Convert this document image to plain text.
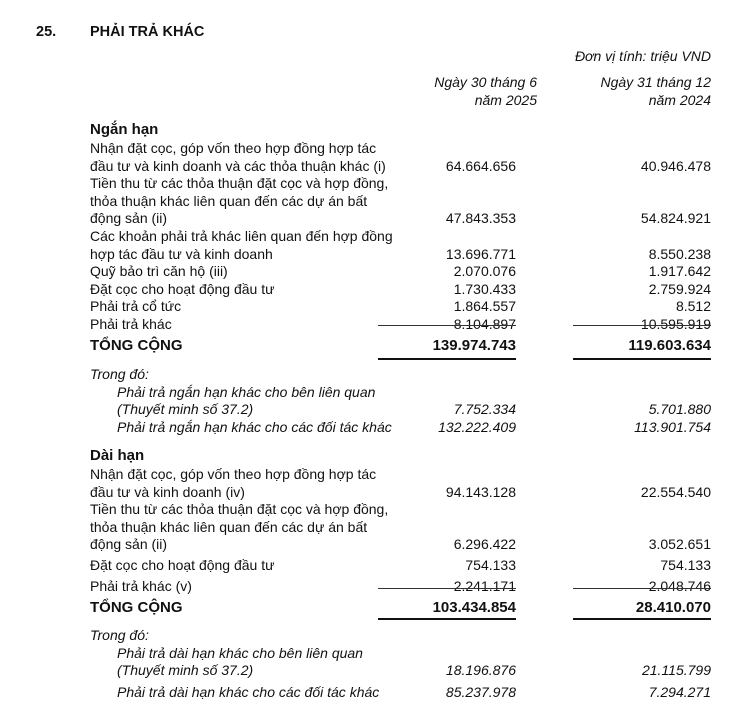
25. PHẢI TRẢ KHÁC
Đơn vị tính: triệu VND
Ngày 30 tháng 6
năm 2025
Ngày 31 tháng 12
năm 2024
Ngắn hạn
Nhận đặt cọc, góp vốn theo hợp đồng hợp tác
đầu tư và kinh doanh và các thỏa thuận khác (i)	64.664.656	40.946.478
Tiền thu từ các thỏa thuận đặt cọc và hợp đồng,
thỏa thuận khác liên quan đến các dự án bất
động sản (ii)	47.843.353	54.824.921
Các khoản phải trả khác liên quan đến hợp đồng
hợp tác đầu tư và kinh doanh	13.696.771	8.550.238
Quỹ bảo trì căn hộ (iii)	2.070.076	1.917.642
Đặt cọc cho hoạt động đầu tư	1.730.433	2.759.924
Phải trả cổ tức	1.864.557	8.512
Phải trả khác	8.104.897	10.595.919
TỔNG CỘNG	139.974.743	119.603.634
Trong đó:
Phải trả ngắn hạn khác cho bên liên quan
(Thuyết minh số 37.2)	7.752.334	5.701.880
Phải trả ngắn hạn khác cho các đối tác khác	132.222.409	113.901.754
Dài hạn
Nhận đặt cọc, góp vốn theo hợp đồng hợp tác
đầu tư và kinh doanh (iv)	94.143.128	22.554.540
Tiền thu từ các thỏa thuận đặt cọc và hợp đồng,
thỏa thuận khác liên quan đến các dự án bất
động sản (ii)	6.296.422	3.052.651
Đặt cọc cho hoạt động đầu tư	754.133	754.133
Phải trả khác (v)	2.241.171	2.048.746
TỔNG CỘNG	103.434.854	28.410.070
Trong đó:
Phải trả dài hạn khác cho bên liên quan
(Thuyết minh số 37.2)	18.196.876	21.115.799
Phải trả dài hạn khác cho các đối tác khác	85.237.978	7.294.271
